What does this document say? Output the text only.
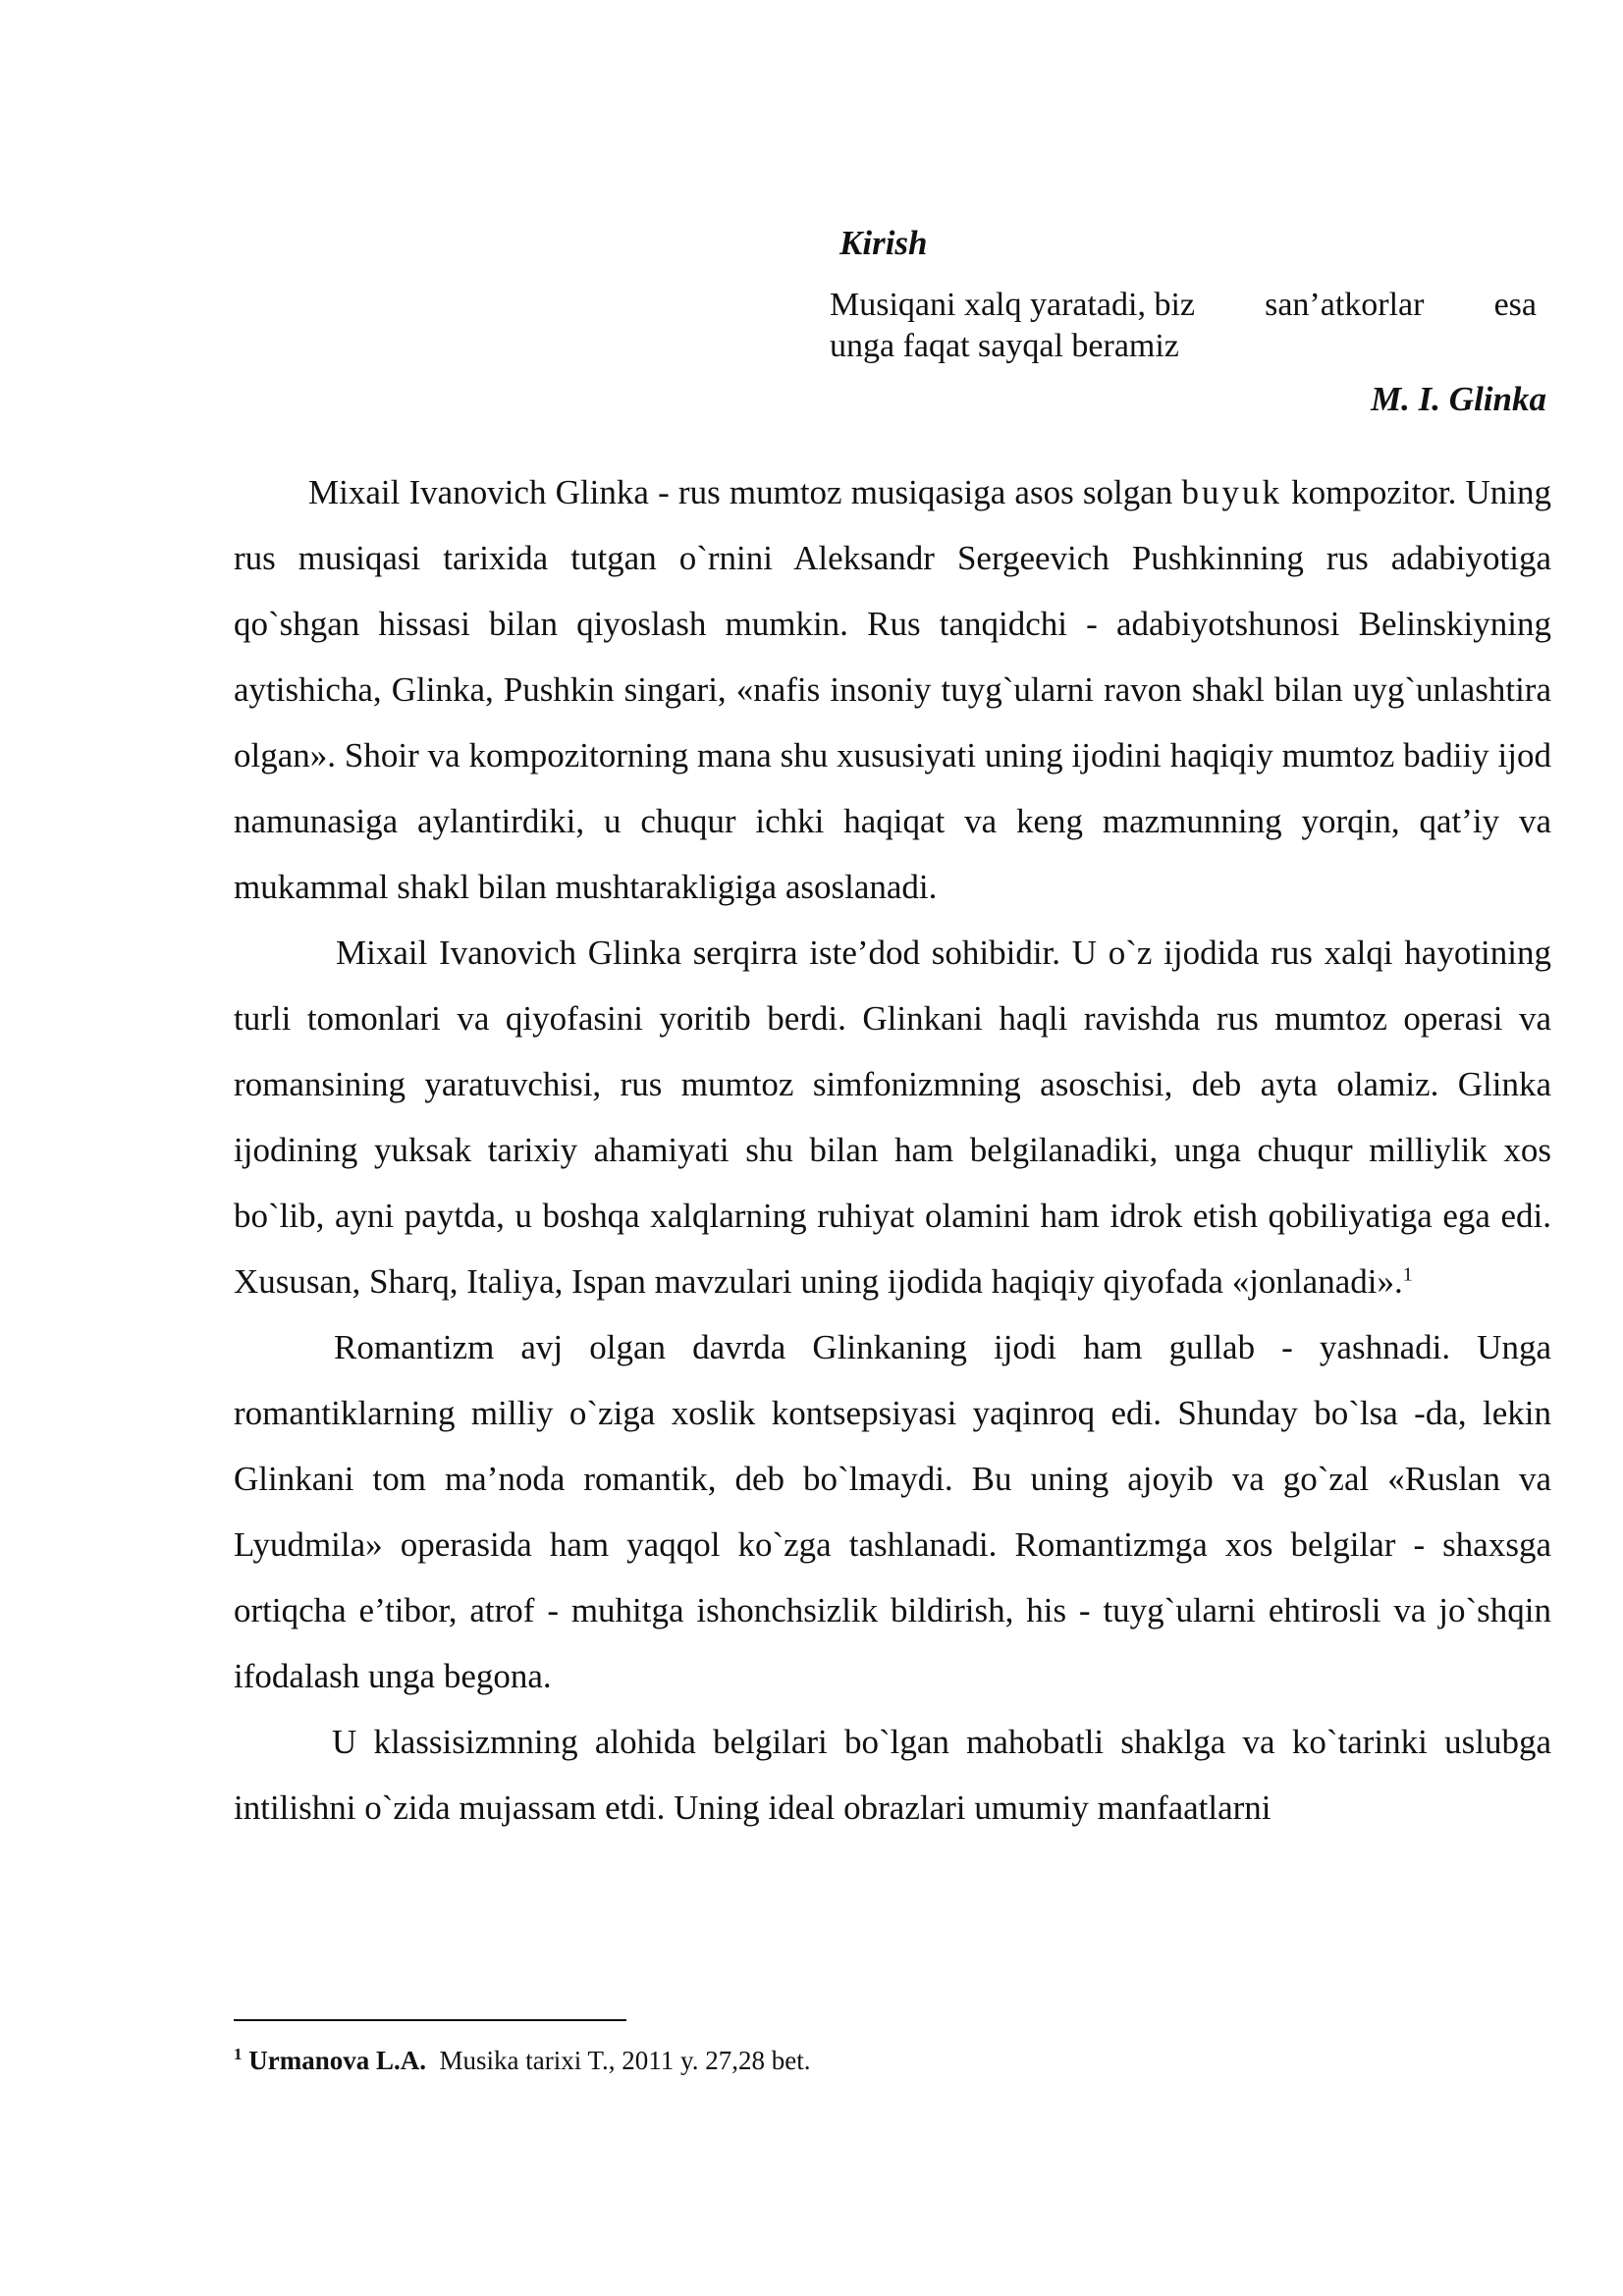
Kirish

Musiqani xalq yaratadi, biz san’atkorlar esa
unga faqat sayqal beramiz

M. I. Glinka

Mixail Ivanovich Glinka - rus mumtoz musiqasiga asos solgan buyuk kompozitor. Uning rus musiqasi tarixida tutgan o`rnini Aleksandr Sergeevich Pushkinning rus adabiyotiga qo`shgan hissasi bilan qiyoslash mumkin. Rus tanqidchi - adabiyotshunosi Belinskiyning aytishicha, Glinka, Pushkin singari, «nafis insoniy tuyg`ularni ravon shakl bilan uyg`unlashtira olgan». Shoir va kompozitorning mana shu xususiyati uning ijodini haqiqiy mumtoz badiiy ijod namunasiga aylantirdiki, u chuqur ichki haqiqat va keng mazmunning yorqin, qat’iy va mukammal shakl bilan mushtarakligiga asoslanadi.

Mixail Ivanovich Glinka serqirra iste’dod sohibidir. U o`z ijodida rus xalqi hayotining turli tomonlari va qiyofasini yoritib berdi. Glinkani haqli ravishda rus mumtoz operasi va romansining yaratuvchisi, rus mumtoz simfonizmning asoschisi, deb ayta olamiz. Glinka ijodining yuksak tarixiy ahamiyati shu bilan ham belgilanadiki, unga chuqur milliylik xos bo`lib, ayni paytda, u boshqa xalqlarning ruhiyat olamini ham idrok etish qobiliyatiga ega edi. Xususan, Sharq, Italiya, Ispan mavzulari uning ijodida haqiqiy qiyofada «jonlanadi».$^1$

Romantizm avj olgan davrda Glinkaning ijodi ham gullab - yashnadi. Unga romantiklarning milliy o`ziga xoslik kontsepsiyasi yaqinroq edi. Shunday bo`lsa -da, lekin Glinkani tom ma’noda romantik, deb bo`lmaydi. Bu uning ajoyib va go`zal «Ruslan va Lyudmila» operasida ham yaqqol ko`zga tashlanadi. Romantizmga xos belgilar - shaxsga ortiqcha e’tibor, atrof - muhitga ishonchsizlik bildirish, his - tuyg`ularni ehtirosli va jo`shqin ifodalash unga begona.

U klassisizmning alohida belgilari bo`lgan mahobatli shaklga va ko`tarinki uslubga intilishni o`zida mujassam etdi. Uning ideal obrazlari umumiy manfaatlarni

$^1$ Urmanova L.A.  Musika tarixi T., 2011 y. 27,28 bet.
